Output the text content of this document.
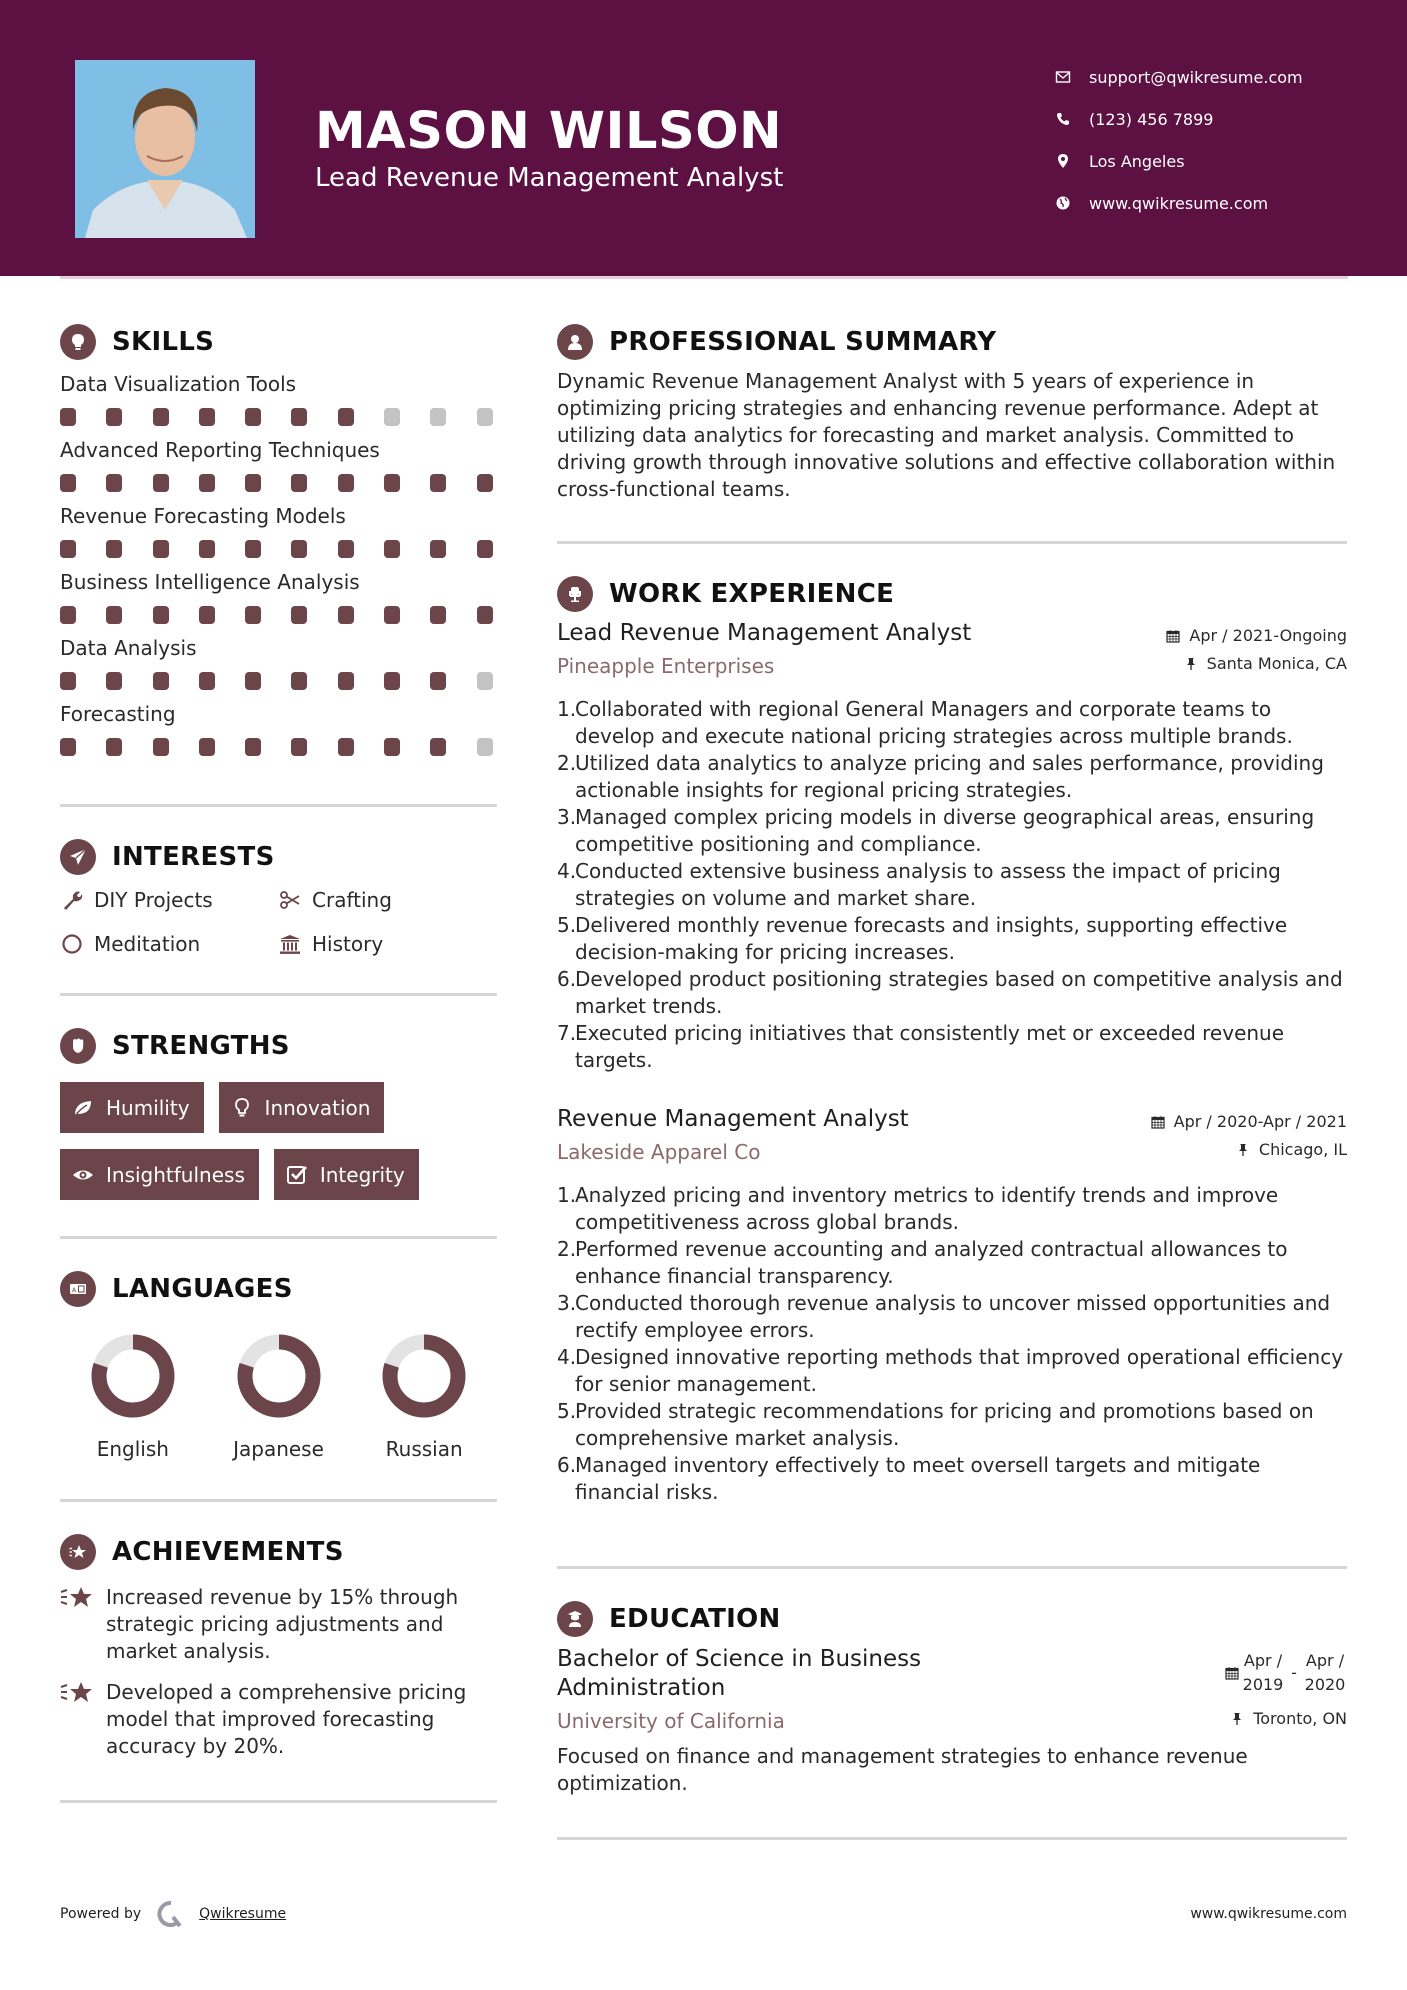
MASON WILSON
Lead Revenue Management Analyst
support@qwikresume.com
(123) 456 7899
Los Angeles
www.qwikresume.com
SKILLS
Data Visualization Tools
Advanced Reporting Techniques
Revenue Forecasting Models
Business Intelligence Analysis
Data Analysis
Forecasting
INTERESTS
DIY Projects	Crafting
Meditation	History
STRENGTHS
Humility	Innovation
Insightfulness	Integrity
A LANGUAGES
English	Japanese	Russian
ACHIEVEMENTS
Increased revenue by 15% through strategic pricing adjustments and market analysis.
Developed a comprehensive pricing model that improved forecasting accuracy by 20%.
PROFESSIONAL SUMMARY

Dynamic Revenue Management Analyst with 5 years of experience in optimizing pricing strategies and enhancing revenue performance. Adept at utilizing data analytics for forecasting and market analysis. Committed to driving growth through innovative solutions and effective collaboration within cross-functional teams.

WORK EXPERIENCE
Lead Revenue Management Analyst	Apr / 2021-Ongoing
Pineapple Enterprises	Santa Monica, CA
1.
Collaborated with regional General Managers and corporate teams to develop and execute national pricing strategies across multiple brands.
2.
Utilized data analytics to analyze pricing and sales performance, providing actionable insights for regional pricing strategies.
3.
Managed complex pricing models in diverse geographical areas, ensuring competitive positioning and compliance.
4.
Conducted extensive business analysis to assess the impact of pricing strategies on volume and market share.
5.
Delivered monthly revenue forecasts and insights, supporting effective decision-making for pricing increases.
6.
Developed product positioning strategies based on competitive analysis and market trends.
7.
Executed pricing initiatives that consistently met or exceeded revenue targets.
Revenue Management Analyst	Apr / 2020-Apr / 2021
Lakeside Apparel Co	Chicago, IL
1.
Analyzed pricing and inventory metrics to identify trends and improve competitiveness across global brands.
2.
Performed revenue accounting and analyzed contractual allowances to enhance financial transparency.
3.
Conducted thorough revenue analysis to uncover missed opportunities and rectify employee errors.
4.
Designed innovative reporting methods that improved operational efficiency for senior management.
5.
Provided strategic recommendations for pricing and promotions based on comprehensive market analysis.
6.
Managed inventory effectively to meet oversell targets and mitigate financial risks.
EDUCATION
Bachelor of Science in Business Administration
Apr /
2019
-
Apr /
2020
University of California	Toronto, ON

Focused on finance and management strategies to enhance revenue optimization.

Powered by	Qwikresume	www.qwikresume.com
